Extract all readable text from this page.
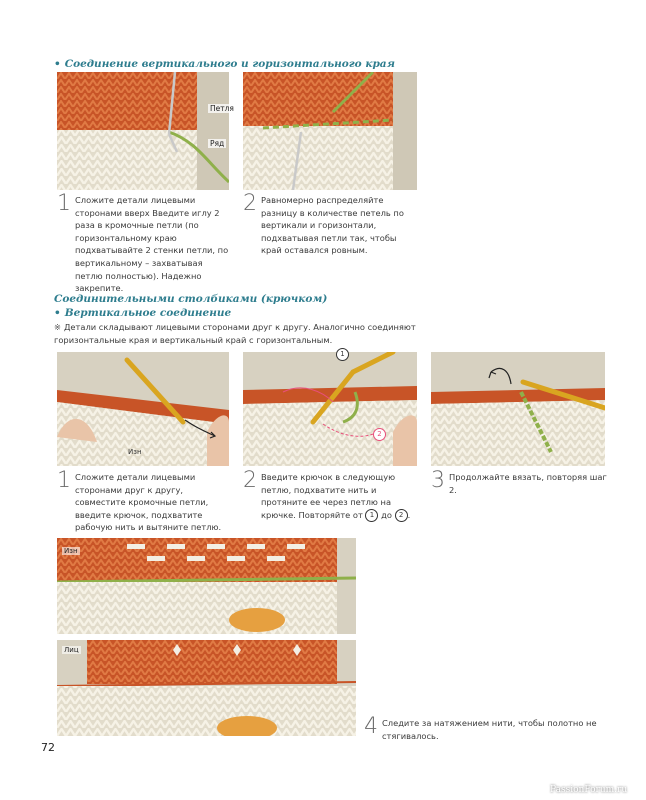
• Соединение вертикального и горизонтального края
Петля
Ряд
1 Сложите детали лицевыми сторонами вверх Введите иглу 2 раза в кромочные петли (по горизонтальному краю подхватывайте 2 стенки петли, по вертикальному – захватывая петлю полностью). Надежно закрепите.
2 Равномерно распределяйте разницу в количестве петель по вертикали и горизонтали, подхватывая петли так, чтобы край оставался ровным.
Соединительными столбиками (крючком)
• Вертикальное соединение
※ Детали складывают лицевыми сторонами друг к другу. Аналогично соединяют горизонтальные края и вертикальный край с горизонтальным.
Изн
1
2
1 Сложите детали лицевыми сторонами друг к другу, совместите кромочные петли, введите крючок, подхватите рабочую нить и вытяните петлю.
2 Введите крючок в следующую петлю, подхватите нить и протяните ее через петлю на крючке. Повторяйте от 1 до 2 .
3 Продолжайте вязать, повторяя шаг 2.
Изн
Лиц
4 Следите за натяжением нити, чтобы полотно не стягивалось.
72
PassionForum.ru
